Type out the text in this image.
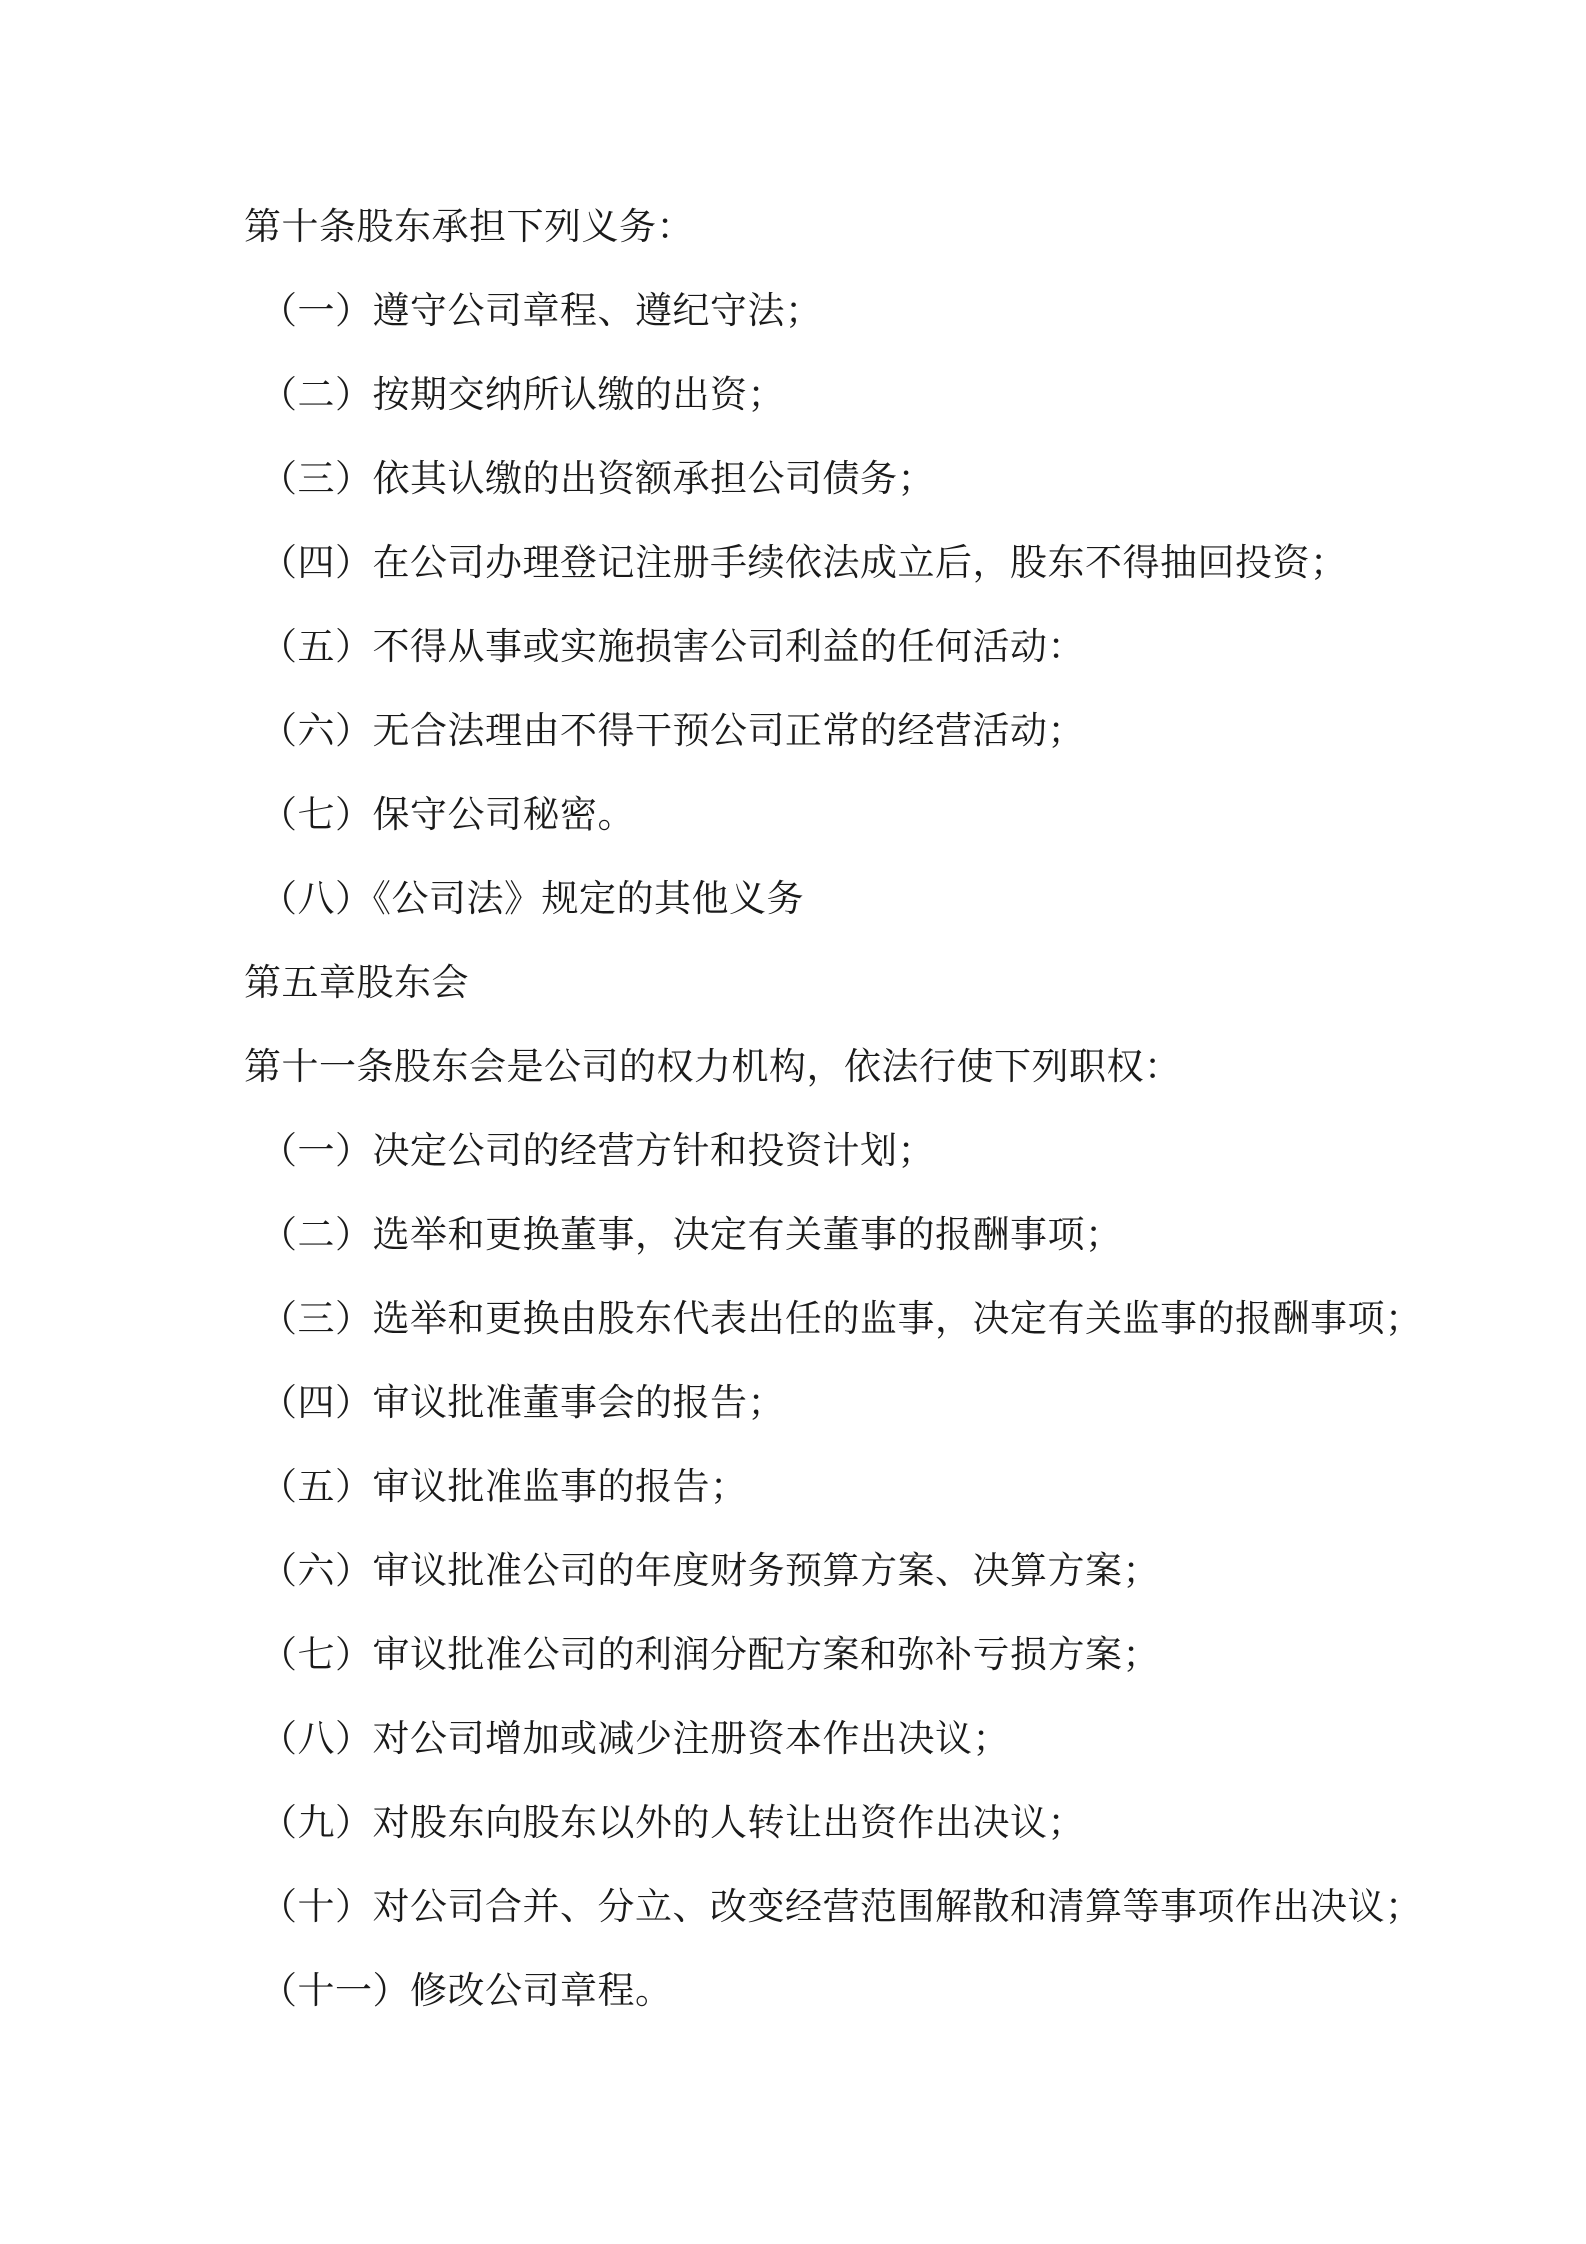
第十条股东承担下列义务：
（一）遵守公司章程、遵纪守法；
（二）按期交纳所认缴的出资；
（三）依其认缴的出资额承担公司债务；
（四）在公司办理登记注册手续依法成立后，股东不得抽回投资；
（五）不得从事或实施损害公司利益的任何活动：
（六）无合法理由不得干预公司正常的经营活动；
（七）保守公司秘密。
（八）《公司法》规定的其他义务
第五章股东会
第十一条股东会是公司的权力机构，依法行使下列职权：
（一）决定公司的经营方针和投资计划；
（二）选举和更换董事，决定有关董事的报酬事项；
（三）选举和更换由股东代表出任的监事，决定有关监事的报酬事项；
（四）审议批准董事会的报告；
（五）审议批准监事的报告；
（六）审议批准公司的年度财务预算方案、决算方案；
（七）审议批准公司的利润分配方案和弥补亏损方案；
（八）对公司增加或减少注册资本作出决议；
（九）对股东向股东以外的人转让出资作出决议；
（十）对公司合并、分立、改变经营范围解散和清算等事项作出决议；
（十一）修改公司章程。
